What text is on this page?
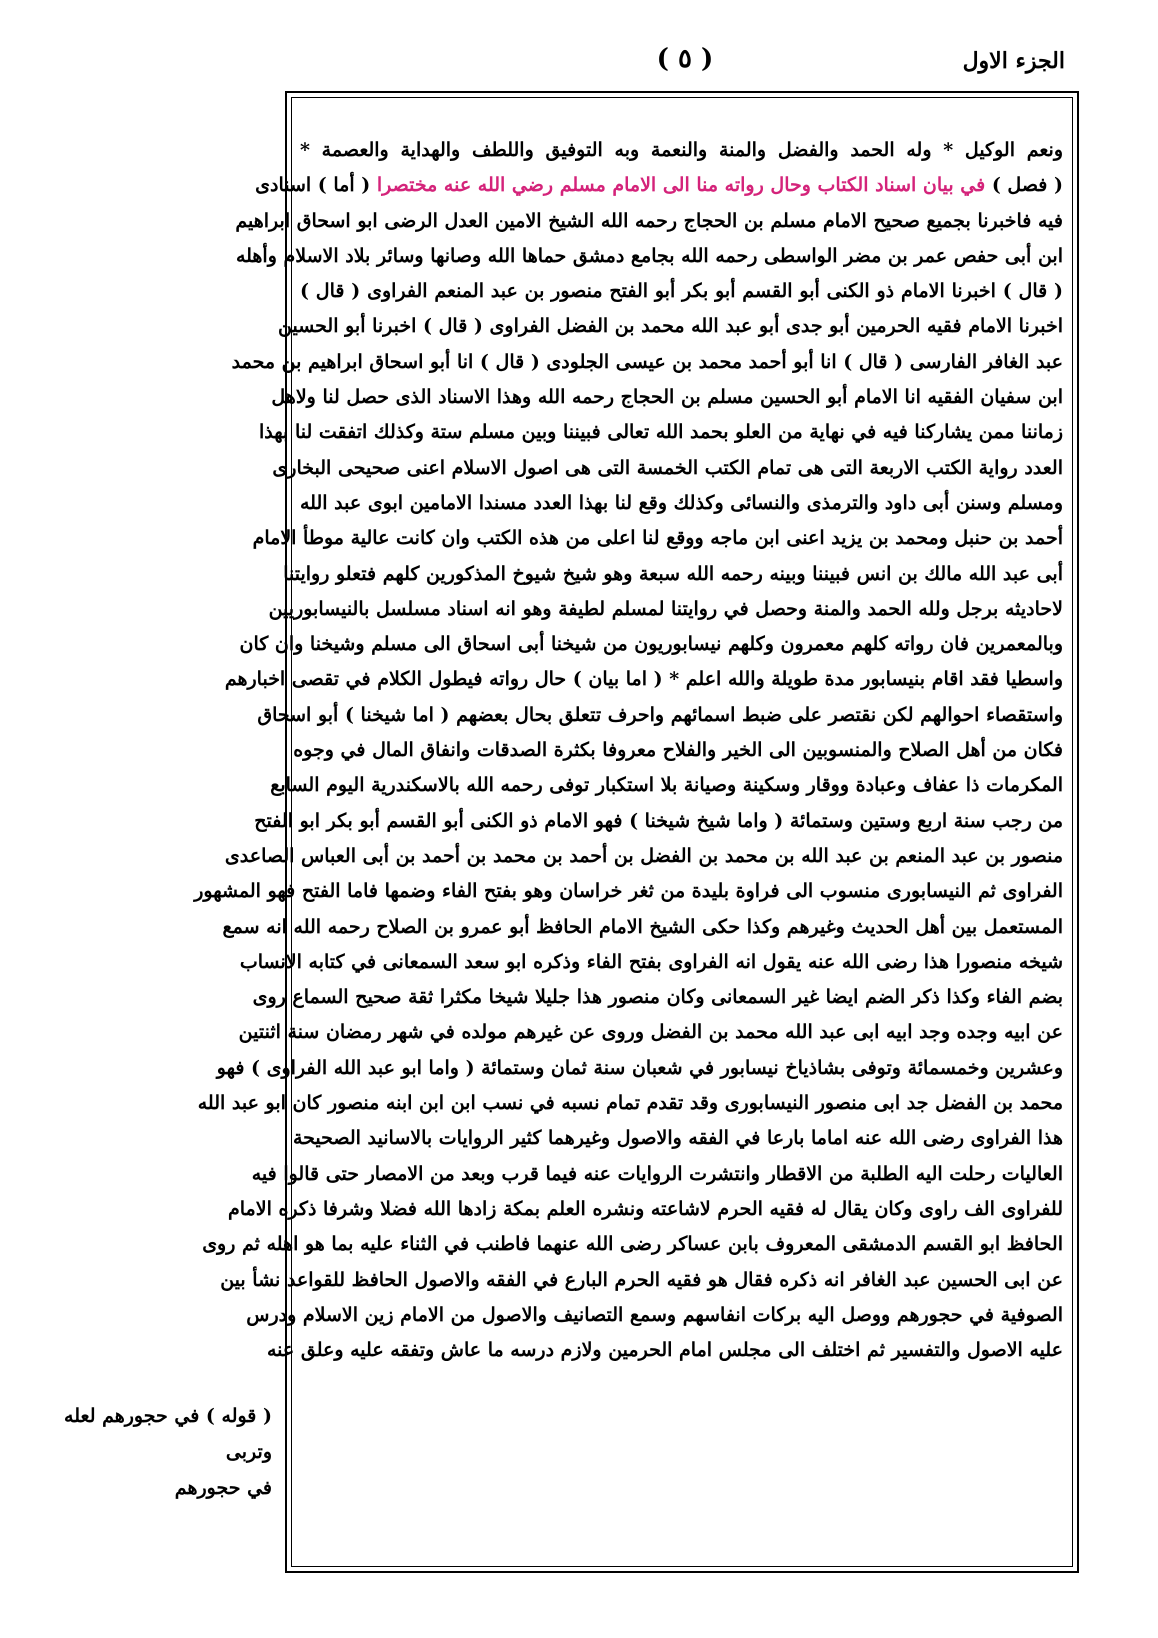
( ٥ )	الجزء الاول
ونعم الوكيل * وله الحمد والفضل والمنة والنعمة وبه التوفيق واللطف والهداية والعصمة *
( فصل ) في بيان اسناد الكتاب وحال رواته منا الى الامام مسلم رضي الله عنه مختصرا ( أما ) اسنادى
فيه فاخبرنا بجميع صحيح الامام مسلم بن الحجاج رحمه الله الشيخ الامين العدل الرضى ابو اسحاق ابراهيم
ابن أبى حفص عمر بن مضر الواسطى رحمه الله بجامع دمشق حماها الله وصانها وسائر بلاد الاسلام وأهله
( قال ) اخبرنا الامام ذو الكنى أبو القسم أبو بكر أبو الفتح منصور بن عبد المنعم الفراوى ( قال )
اخبرنا الامام فقيه الحرمين أبو جدى أبو عبد الله محمد بن الفضل الفراوى ( قال ) اخبرنا أبو الحسين
عبد الغافر الفارسى ( قال ) انا أبو أحمد محمد بن عيسى الجلودى ( قال ) انا أبو اسحاق ابراهيم بن محمد
ابن سفيان الفقيه انا الامام أبو الحسين مسلم بن الحجاج رحمه الله وهذا الاسناد الذى حصل لنا ولاهل
زماننا ممن يشاركنا فيه في نهاية من العلو بحمد الله تعالى فبيننا وبين مسلم ستة وكذلك اتفقت لنا بهذا
العدد رواية الكتب الاربعة التى هى تمام الكتب الخمسة التى هى اصول الاسلام اعنى صحيحى البخارى
ومسلم وسنن أبى داود والترمذى والنسائى وكذلك وقع لنا بهذا العدد مسندا الامامين ابوى عبد الله
أحمد بن حنبل ومحمد بن يزيد اعنى ابن ماجه ووقع لنا اعلى من هذه الكتب وان كانت عالية موطأ الامام
أبى عبد الله مالك بن انس فبيننا وبينه رحمه الله سبعة وهو شيخ شيوخ المذكورين كلهم فتعلو روايتنا
لاحاديثه برجل ولله الحمد والمنة وحصل في روايتنا لمسلم لطيفة وهو انه اسناد مسلسل بالنيسابوريين
وبالمعمرين فان رواته كلهم معمرون وكلهم نيسابوريون من شيخنا أبى اسحاق الى مسلم وشيخنا وان كان
واسطيا فقد اقام بنيسابور مدة طويلة والله اعلم * ( اما بيان ) حال رواته فيطول الكلام في تقصى اخبارهم
واستقصاء احوالهم لكن نقتصر على ضبط اسمائهم واحرف تتعلق بحال بعضهم ( اما شيخنا ) أبو اسحاق
فكان من أهل الصلاح والمنسوبين الى الخير والفلاح معروفا بكثرة الصدقات وانفاق المال في وجوه
المكرمات ذا عفاف وعبادة ووقار وسكينة وصيانة بلا استكبار توفى رحمه الله بالاسكندرية اليوم السابع
من رجب سنة اربع وستين وستمائة ( واما شيخ شيخنا ) فهو الامام ذو الكنى أبو القسم أبو بكر ابو الفتح
منصور بن عبد المنعم بن عبد الله بن محمد بن الفضل بن أحمد بن محمد بن أحمد بن أبى العباس الصاعدى
الفراوى ثم النيسابورى منسوب الى فراوة بليدة من ثغر خراسان وهو بفتح الفاء وضمها فاما الفتح فهو المشهور
المستعمل بين أهل الحديث وغيرهم وكذا حكى الشيخ الامام الحافظ أبو عمرو بن الصلاح رحمه الله انه سمع
شيخه منصورا هذا رضى الله عنه يقول انه الفراوى بفتح الفاء وذكره ابو سعد السمعانى في كتابه الانساب
بضم الفاء وكذا ذكر الضم ايضا غير السمعانى وكان منصور هذا جليلا شيخا مكثرا ثقة صحيح السماع روى
عن ابيه وجده وجد ابيه ابى عبد الله محمد بن الفضل وروى عن غيرهم مولده في شهر رمضان سنة اثنتين
وعشرين وخمسمائة وتوفى بشاذياخ نيسابور في شعبان سنة ثمان وستمائة ( واما ابو عبد الله الفراوى ) فهو
محمد بن الفضل جد ابى منصور النيسابورى وقد تقدم تمام نسبه في نسب ابن ابن ابنه منصور كان ابو عبد الله
هذا الفراوى رضى الله عنه اماما بارعا في الفقه والاصول وغيرهما كثير الروايات بالاسانيد الصحيحة
العاليات رحلت اليه الطلبة من الاقطار وانتشرت الروايات عنه فيما قرب وبعد من الامصار حتى قالوا فيه
للفراوى الف راوى وكان يقال له فقيه الحرم لاشاعته ونشره العلم بمكة زادها الله فضلا وشرفا ذكره الامام
الحافظ ابو القسم الدمشقى المعروف بابن عساكر رضى الله عنهما فاطنب في الثناء عليه بما هو اهله ثم روى
عن ابى الحسين عبد الغافر انه ذكره فقال هو فقيه الحرم البارع في الفقه والاصول الحافظ للقواعد نشأ بين
الصوفية في حجورهم ووصل اليه بركات انفاسهم وسمع التصانيف والاصول من الامام زين الاسلام ودرس
عليه الاصول والتفسير ثم اختلف الى مجلس امام الحرمين ولازم درسه ما عاش وتفقه عليه وعلق عنه
( قوله ) في حجورهم لعله وتربى
في حجورهم
